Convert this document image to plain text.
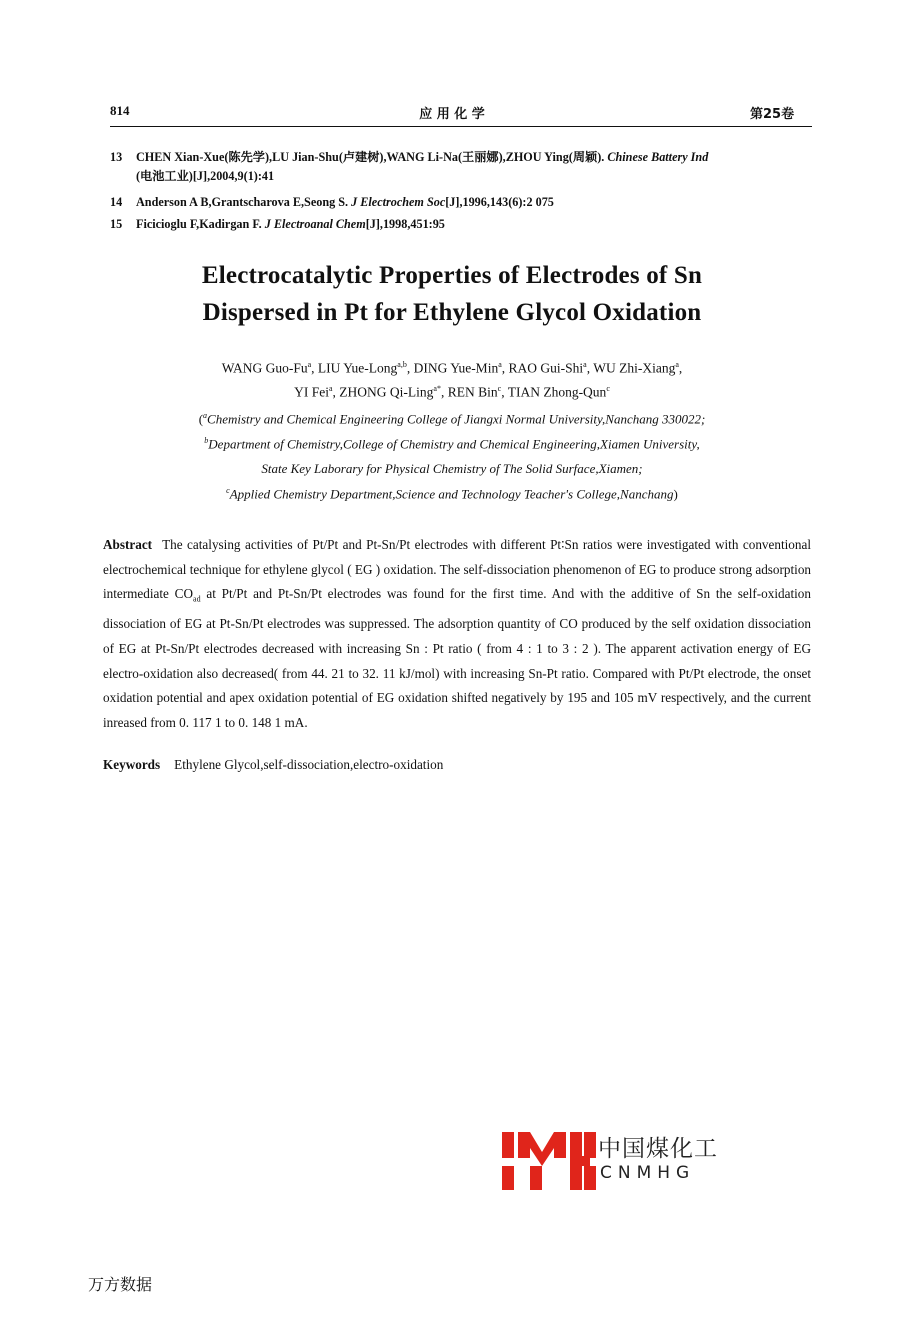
814	应 用 化 学	第25卷
13 CHEN Xian-Xue(陈先学),LU Jian-Shu(卢建树),WANG Li-Na(王丽娜),ZHOU Ying(周颖). Chinese Battery Ind
(电池工业)[J],2004,9(1):41
14 Anderson A B,Grantscharova E,Seong S. J Electrochem Soc[J],1996,143(6):2 075
15 Ficicioglu F,Kadirgan F. J Electroanal Chem[J],1998,451:95
Electrocatalytic Properties of Electrodes of Sn
Dispersed in Pt for Ethylene Glycol Oxidation
WANG Guo-Fu$^a$, LIU Yue-Long$^{a,b}$, DING Yue-Min$^a$, RAO Gui-Shi$^a$, WU Zhi-Xiang$^a$,
YI Fei$^a$, ZHONG Qi-Ling$^{a*}$, REN Bin$^c$, TIAN Zhong-Qun$^c$
($^a$Chemistry and Chemical Engineering College of Jiangxi Normal University,Nanchang 330022;
$^b$Department of Chemistry,College of Chemistry and Chemical Engineering,Xiamen University,
State Key Laborary for Physical Chemistry of The Solid Surface,Xiamen;
$^c$Applied Chemistry Department,Science and Technology Teacher's College,Nanchang)
Abstract The catalysing activities of Pt/Pt and Pt-Sn/Pt electrodes with different Pt∶Sn ratios were investigated with conventional electrochemical technique for ethylene glycol ( EG ) oxidation. The self-dissociation phenomenon of EG to produce strong adsorption intermediate $CO_{ad}$ at Pt/Pt and Pt-Sn/Pt electrodes was found for the first time. And with the additive of Sn the self-oxidation dissociation of EG at Pt-Sn/Pt electrodes was suppressed. The adsorption quantity of CO produced by the self oxidation dissociation of EG at Pt-Sn/Pt electrodes decreased with increasing Sn : Pt ratio ( from 4 : 1 to 3 : 2 ). The apparent activation energy of EG electro-oxidation also decreased( from 44. 21 to 32. 11 kJ/mol) with increasing Sn-Pt ratio. Compared with Pt/Pt electrode, the onset oxidation potential and apex oxidation potential of EG oxidation shifted negatively by 195 and 105 mV respectively, and the current inreased from 0. 117 1 to 0. 148 1 mA.
Keywords Ethylene Glycol,self-dissociation,electro-oxidation
中国煤化工
CNMHG
万方数据
